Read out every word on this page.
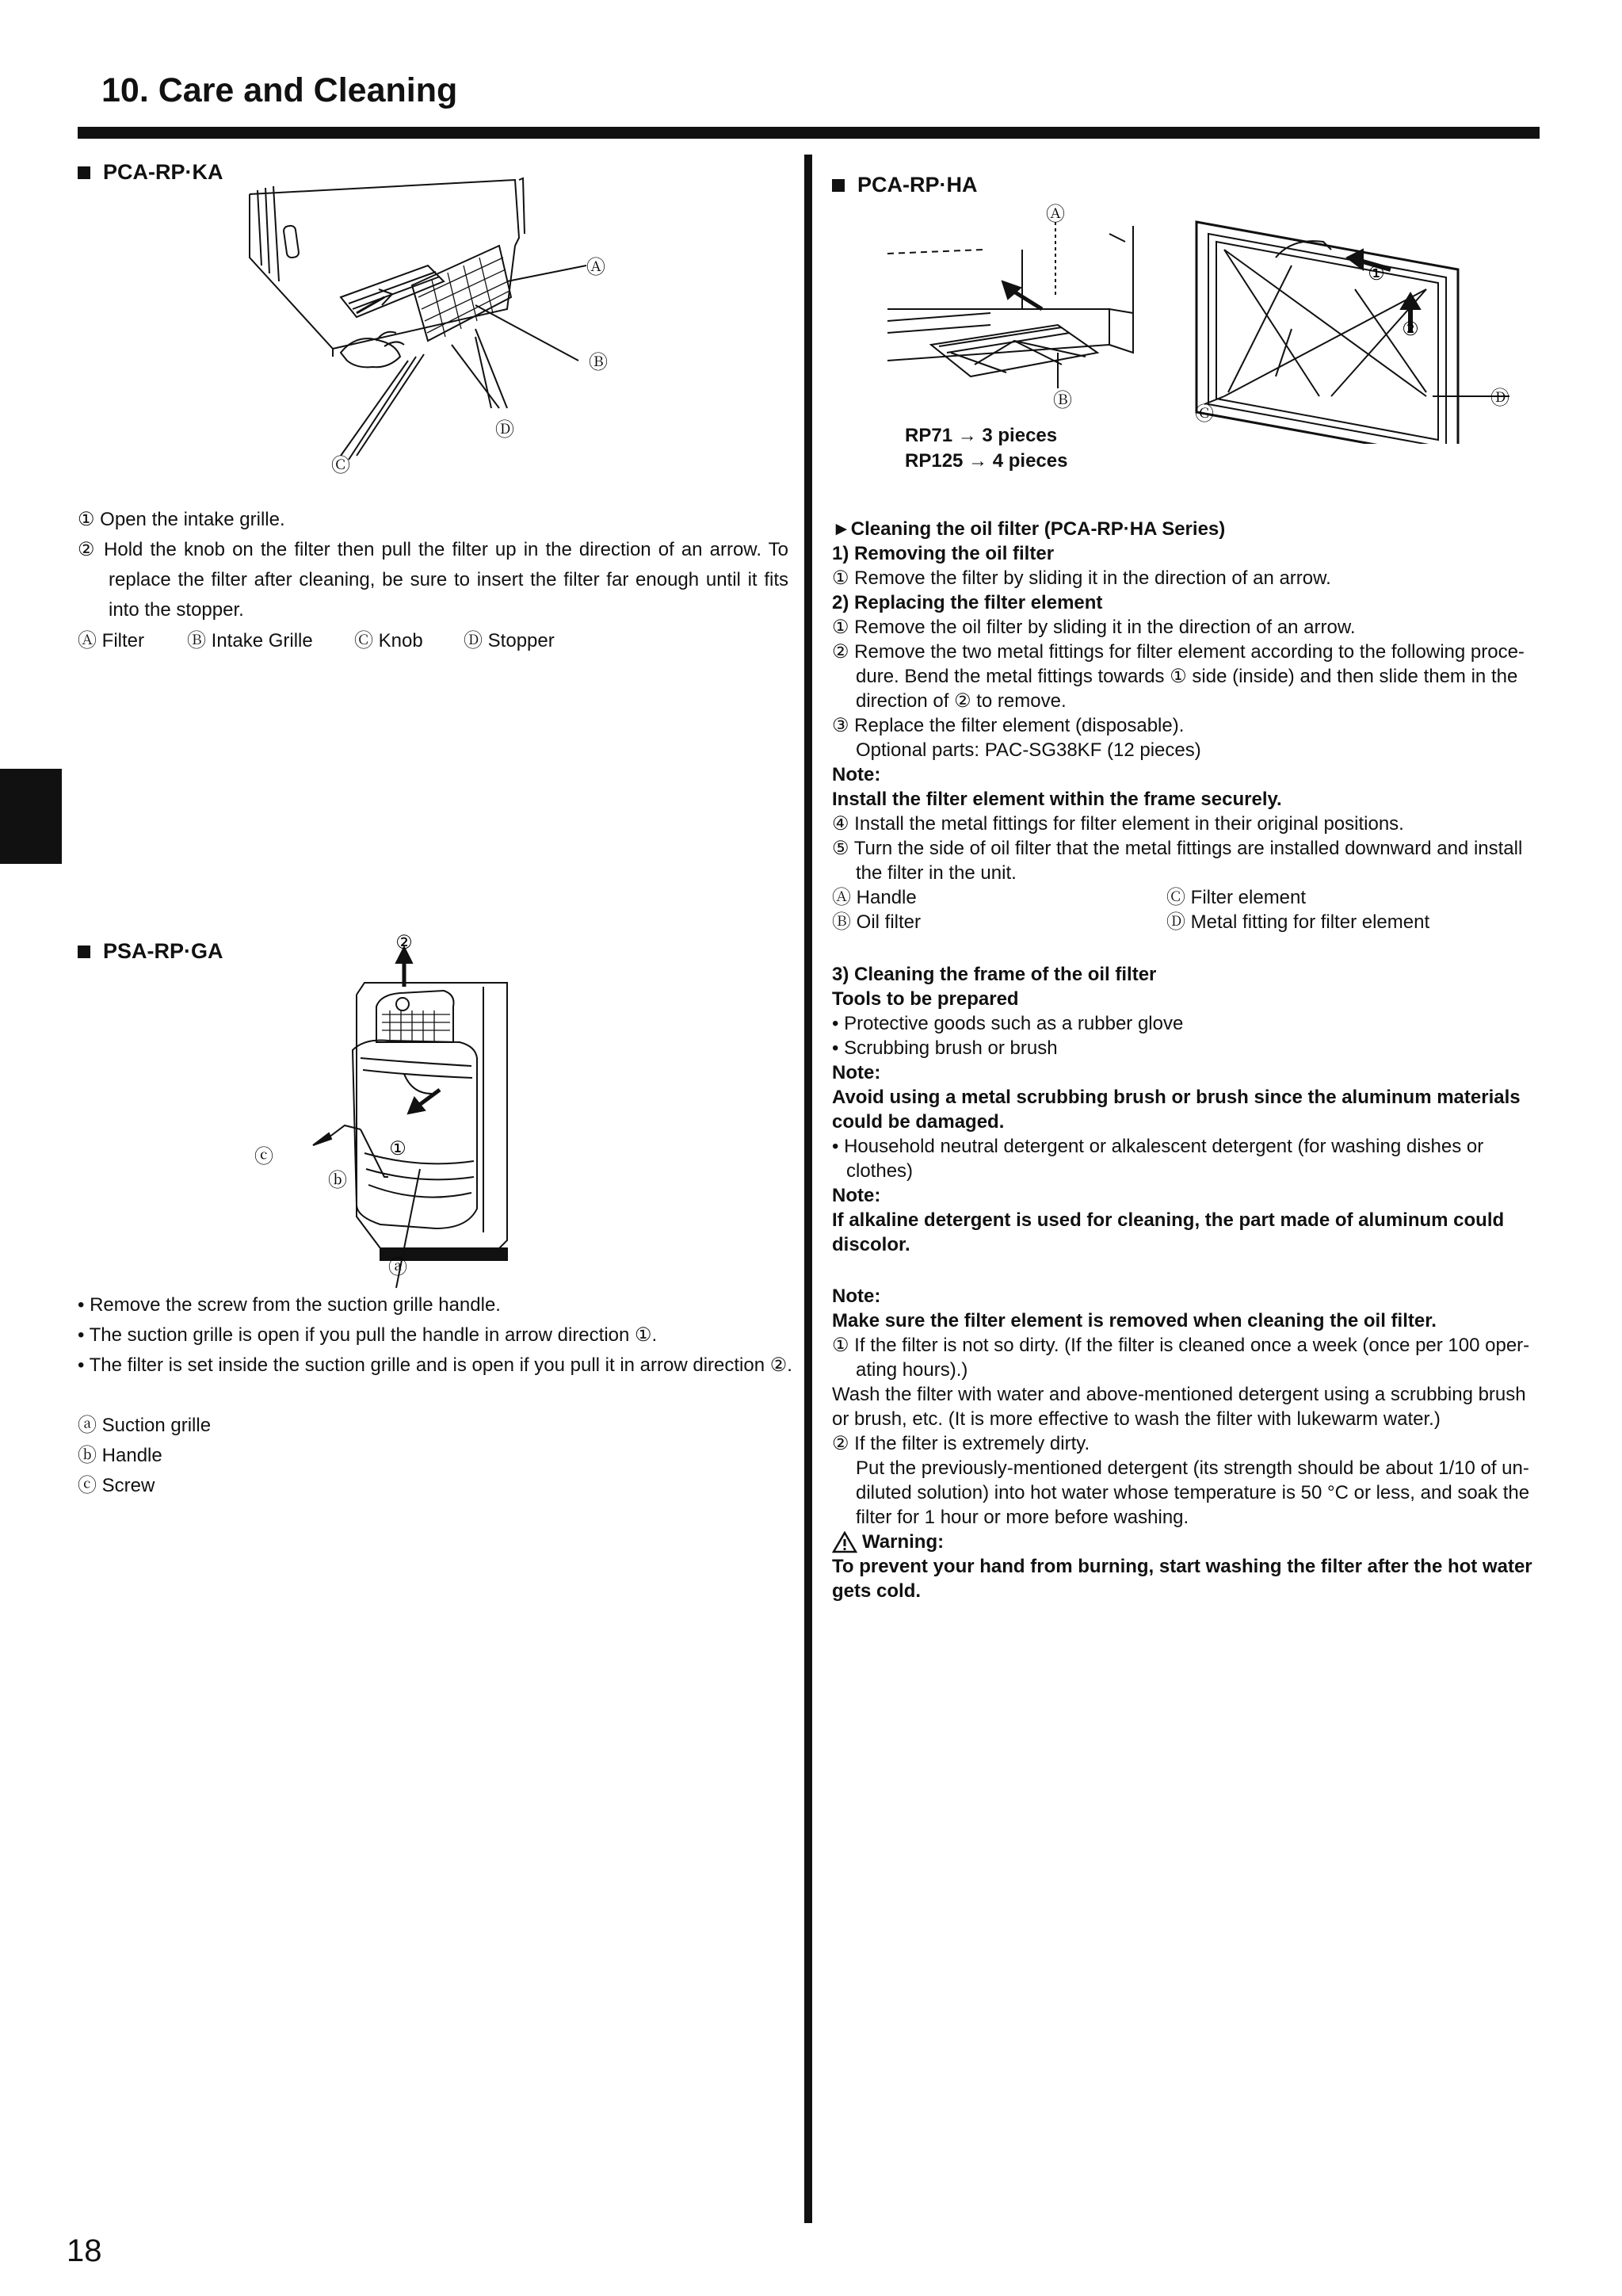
10. Care and Cleaning
18
PCA-RP·KA
Ⓐ
Ⓑ
Ⓒ
Ⓓ
① Open the intake grille.
② Hold the knob on the filter then pull the filter up in the direction of an arrow. To
replace the filter after cleaning, be sure to insert the filter far enough until it fits
into the stopper.
Ⓐ Filter Ⓑ Intake Grille Ⓒ Knob Ⓓ Stopper
PSA-RP·GA	②
①
ⓒ
ⓑ
ⓐ
• Remove the screw from the suction grille handle.
• The suction grille is open if you pull the handle in arrow direction ①.
• The filter is set inside the suction grille and is open if you pull it in arrow direction ②.
ⓐ Suction grille
ⓑ Handle
ⓒ Screw
PCA-RP·HA
Ⓐ
Ⓑ
Ⓒ
Ⓓ
①
②
RP71 → 3 pieces
RP125 → 4 pieces
►Cleaning the oil filter (PCA-RP·HA Series)
1) Removing the oil filter
① Remove the filter by sliding it in the direction of an arrow.
2) Replacing the filter element
① Remove the oil filter by sliding it in the direction of an arrow.
② Remove the two metal fittings for filter element according to the following proce-
dure. Bend the metal fittings towards ① side (inside) and then slide them in the
direction of ② to remove.
③ Replace the filter element (disposable).
Optional parts: PAC-SG38KF (12 pieces)
Note:
Install the filter element within the frame securely.
④ Install the metal fittings for filter element in their original positions.
⑤ Turn the side of oil filter that the metal fittings are installed downward and install
the filter in the unit.
Ⓐ Handle	Ⓒ Filter element
Ⓑ Oil filter	Ⓓ Metal fitting for filter element
3) Cleaning the frame of the oil filter
Tools to be prepared
• Protective goods such as a rubber glove
• Scrubbing brush or brush
Note:
Avoid using a metal scrubbing brush or brush since the aluminum materials
could be damaged.
• Household neutral detergent or alkalescent detergent (for washing dishes or
clothes)
Note:
If alkaline detergent is used for cleaning, the part made of aluminum could
discolor.
Note:
Make sure the filter element is removed when cleaning the oil filter.
① If the filter is not so dirty. (If the filter is cleaned once a week (once per 100 oper-
ating hours).)
Wash the filter with water and above-mentioned detergent using a scrubbing brush
or brush, etc. (It is more effective to wash the filter with lukewarm water.)
② If the filter is extremely dirty.
Put the previously-mentioned detergent (its strength should be about 1/10 of un-
diluted solution) into hot water whose temperature is 50 °C or less, and soak the
filter for 1 hour or more before washing.
Warning:
To prevent your hand from burning, start washing the filter after the hot water
gets cold.
